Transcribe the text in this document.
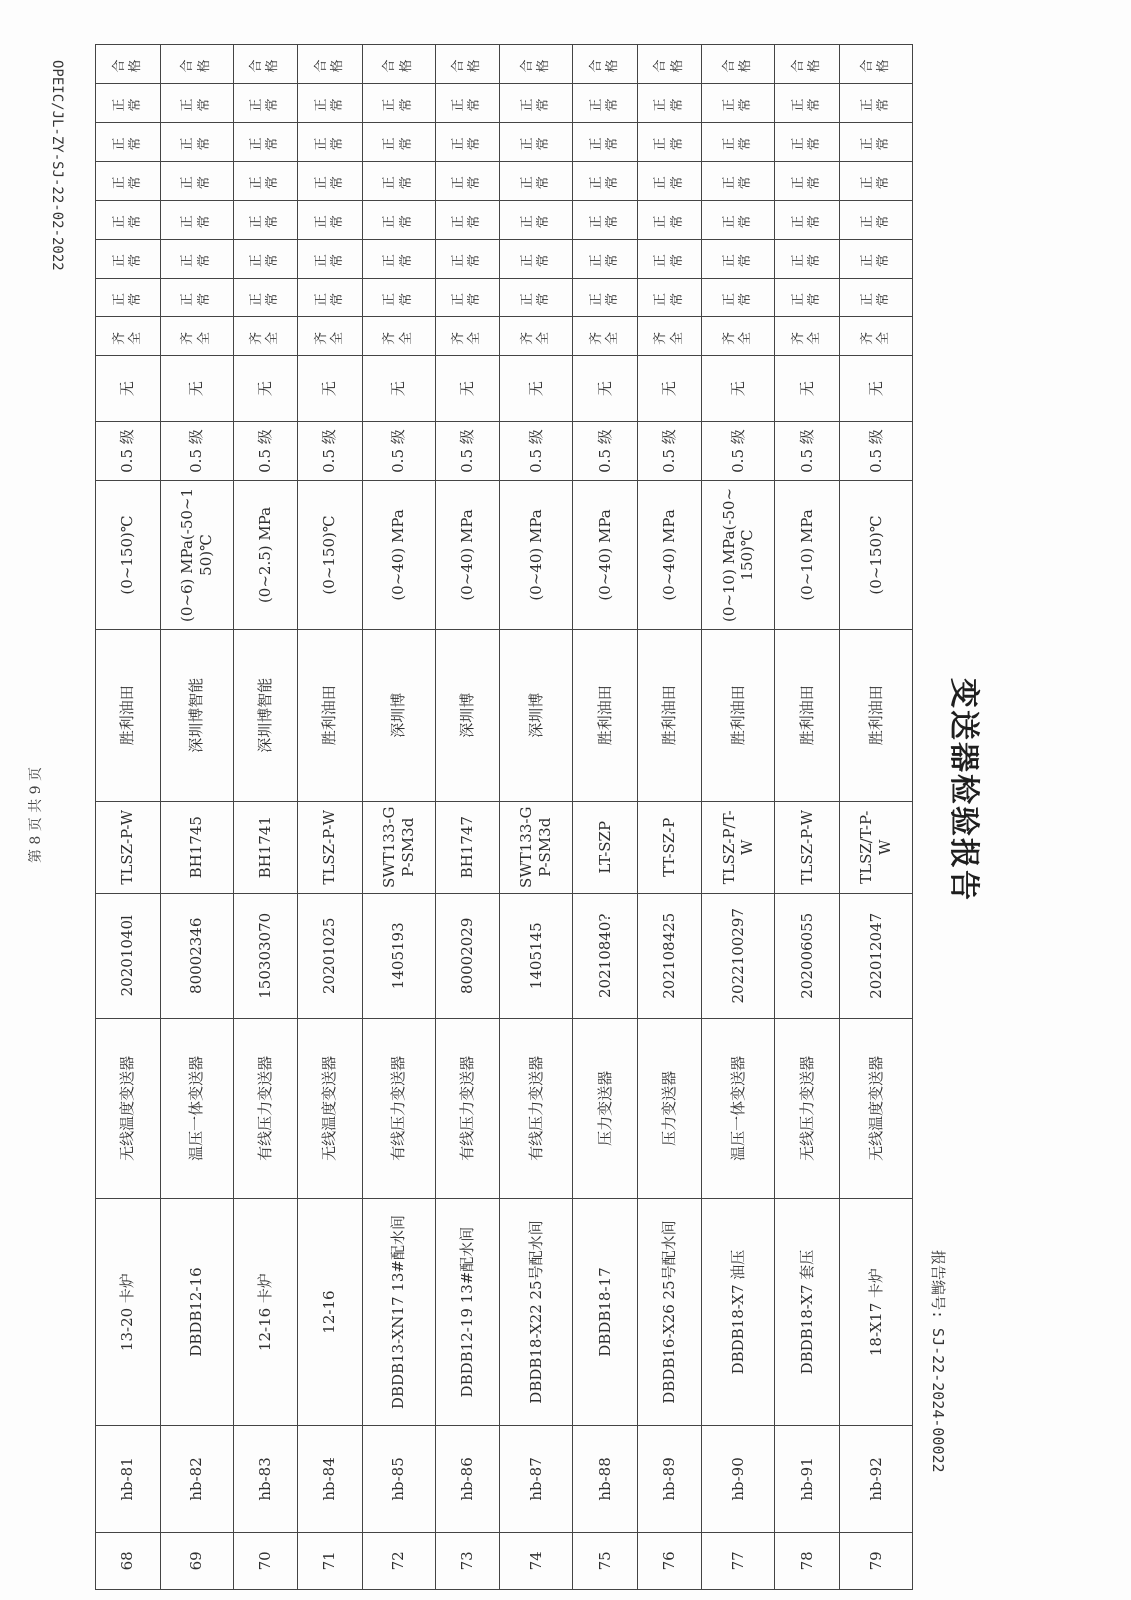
OPEIC/JL-ZY-SJ-22-02-2022
变送器检验报告
报告编号: SJ-22-2024-00022
68	hb-81	13-20 卡炉	无线温度变送器	20201040l	TLSZ-P-W	胜利油田	(0~150)℃	0.5 级	无	齐全	正常	正常	正常	正常	正常	正常	合格
69	hb-82	DBDB12-16	温压一体变送器	80002346	BH1745	深圳博智能	(0~6) MPa(-50~150)℃	0.5 级	无	齐全	正常	正常	正常	正常	正常	正常	合格
70	hb-83	12-16 卡炉	有线压力变送器	150303070	BH1741	深圳博智能	(0~2.5) MPa	0.5 级	无	齐全	正常	正常	正常	正常	正常	正常	合格
71	hb-84	12-16	无线温度变送器	20201025	TLSZ-P-W	胜利油田	(0~150)℃	0.5 级	无	齐全	正常	正常	正常	正常	正常	正常	合格
72	hb-85	DBDB13-XN17 13#配水间	有线压力变送器	1405193	SWT133-GP-SM3d	深圳博	(0~40) MPa	0.5 级	无	齐全	正常	正常	正常	正常	正常	正常	合格
73	hb-86	DBDB12-19 13#配水间	有线压力变送器	80002029	BH1747	深圳博	(0~40) MPa	0.5 级	无	齐全	正常	正常	正常	正常	正常	正常	合格
74	hb-87	DBDB18-X22 25号配水间	有线压力变送器	1405145	SWT133-GP-SM3d	深圳博	(0~40) MPa	0.5 级	无	齐全	正常	正常	正常	正常	正常	正常	合格
75	hb-88	DBDB18-17	压力变送器	20210840?	LT-SZP	胜利油田	(0~40) MPa	0.5 级	无	齐全	正常	正常	正常	正常	正常	正常	合格
76	hb-89	DBDB16-X26 25号配水间	压力变送器	202108425	TT-SZ-P	胜利油田	(0~40) MPa	0.5 级	无	齐全	正常	正常	正常	正常	正常	正常	合格
77	hb-90	DBDB18-X7 油压	温压一体变送器	2022100297	TLSZ-P/T-W	胜利油田	(0~10) MPa(-50~150)℃	0.5 级	无	齐全	正常	正常	正常	正常	正常	正常	合格
78	hb-91	DBDB18-X7 套压	无线压力变送器	202006055	TLSZ-P-W	胜利油田	(0~10) MPa	0.5 级	无	齐全	正常	正常	正常	正常	正常	正常	合格
79	hb-92	18-X17 卡炉	无线温度变送器	202012047	TLSZ/T-P-W	胜利油田	(0~150)℃	0.5 级	无	齐全	正常	正常	正常	正常	正常	正常	合格
第 8 页 共 9 页
